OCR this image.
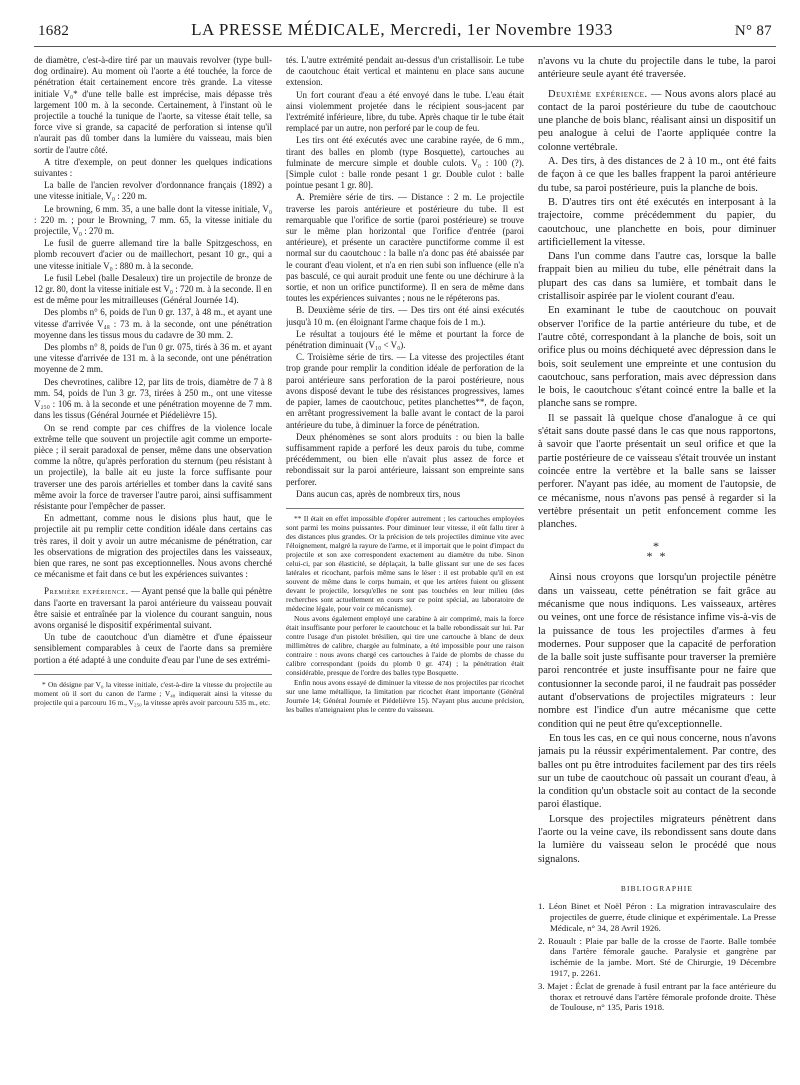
1682	LA PRESSE MÉDICALE, Mercredi, 1er Novembre 1933	N° 87

de diamètre, c'est-à-dire tiré par un mauvais revolver (type bull-dog ordinaire). Au moment où l'aorte a été touchée, la force de pénétration était certainement encore très grande. La vitesse initiale V₀* d'une telle balle est imprécise, mais dépasse très largement 100 m. à la seconde. Certainement, à l'instant où le projectile a touché la tunique de l'aorte, sa vitesse était telle, sa force vive si grande, sa capacité de perforation si intense qu'il n'aurait pas dû tomber dans la lumière du vaisseau, mais bien sortir de l'autre côté.

A titre d'exemple, on peut donner les quelques indications suivantes :

La balle de l'ancien revolver d'ordonnance français (1892) a une vitesse initiale, V₀ : 220 m.

Le browning, 6 mm. 35, a une balle dont la vitesse initiale, V₀ : 220 m. ; pour le Browning, 7 mm. 65, la vitesse initiale du projectile, V₀ : 270 m.

Le fusil de guerre allemand tire la balle Spitzgeschoss, en plomb recouvert d'acier ou de maillechort, pesant 10 gr., qui a une vitesse initiale V₀ : 880 m. à la seconde.

Le fusil Lebel (balle Desaleux) tire un projectile de bronze de 12 gr. 80, dont la vitesse initiale est V₀ : 720 m. à la seconde. Il en est de même pour les mitrailleuses (Général Journée 14).

Des plombs n° 6, poids de l'un 0 gr. 137, à 48 m., et ayant une vitesse d'arrivée V₄₈ : 73 m. à la seconde, ont une pénétration moyenne dans les tissus mous du cadavre de 30 mm. 2.

Des plombs n° 8, poids de l'un 0 gr. 075, tirés à 36 m. et ayant une vitesse d'arrivée de 131 m. à la seconde, ont une pénétration moyenne de 2 mm.

Des chevrotines, calibre 12, par lits de trois, diamètre de 7 à 8 mm. 54, poids de l'un 3 gr. 73, tirées à 250 m., ont une vitesse V₂₅₀ : 106 m. à la seconde et une pénétration moyenne de 7 mm. dans les tissus (Général Journée et Piédelièvre 15).

On se rend compte par ces chiffres de la violence locale extrême telle que souvent un projectile agit comme un emporte-pièce ; il serait paradoxal de penser, même dans une observation comme la nôtre, qu'après perforation du sternum (peu résistant à un projectile), la balle ait eu juste la force suffisante pour traverser une des parois artérielles et tomber dans la cavité sans même avoir la force de traverser l'autre paroi, ainsi suffisamment résistante pour l'empêcher de passer.

En admettant, comme nous le disions plus haut, que le projectile ait pu remplir cette condition idéale dans certains cas très rares, il doit y avoir un autre mécanisme de pénétration, car les observations de migration des projectiles dans les vaisseaux, bien que rares, ne sont pas exceptionnelles. Nous avons cherché ce mécanisme et fait dans ce but les expériences suivantes :

Première expérience. — Ayant pensé que la balle qui pénètre dans l'aorte en traversant la paroi antérieure du vaisseau pouvait être saisie et entraînée par la violence du courant sanguin, nous avons organisé le dispositif expérimental suivant.

Un tube de caoutchouc d'un diamètre et d'une épaisseur sensiblement comparables à ceux de l'aorte dans sa première portion a été adapté à une conduite d'eau par l'une de ses extrémi-

* On désigne par V₀ la vitesse initiale, c'est-à-dire la vitesse du projectile au moment où il sort du canon de l'arme ; V₄₈ indiquerait ainsi la vitesse du projectile qui a parcouru 16 m., V₂₅₀ la vitesse après avoir parcouru 535 m., etc.

tés. L'autre extrémité pendait au-dessus d'un cristallisoir. Le tube de caoutchouc était vertical et maintenu en place sans aucune extension.

Un fort courant d'eau a été envoyé dans le tube. L'eau était ainsi violemment projetée dans le récipient sous-jacent par l'extrémité inférieure, libre, du tube. Après chaque tir le tube était remplacé par un autre, non perforé par le coup de feu.

Les tirs ont été exécutés avec une carabine rayée, de 6 mm., tirant des balles en plomb (type Bosquette), cartouches au fulminate de mercure simple et double culots. V₀ : 100 (?). [Simple culot : balle ronde pesant 1 gr. Double culot : balle pointue pesant 1 gr. 80].

A. Première série de tirs. — Distance : 2 m. Le projectile traverse les parois antérieure et postérieure du tube. Il est remarquable que l'orifice de sortie (paroi postérieure) se trouve sur le même plan horizontal que l'orifice d'entrée (paroi antérieure), et présente un caractère punctiforme comme il est normal sur du caoutchouc : la balle n'a donc pas été abaissée par le courant d'eau violent, et n'a en rien subi son influence (elle n'a pas basculé, ce qui aurait produit une fente ou une déchirure à la sortie, et non un orifice punctiforme). Il en sera de même dans toutes les expériences suivantes ; nous ne le répéterons pas.

B. Deuxième série de tirs. — Des tirs ont été ainsi exécutés jusqu'à 10 m. (en éloignant l'arme chaque fois de 1 m.).

Le résultat a toujours été le même et pourtant la force de pénétration diminuait (V₁₀ < V₀).

C. Troisième série de tirs. — La vitesse des projectiles étant trop grande pour remplir la condition idéale de perforation de la paroi antérieure sans perforation de la paroi postérieure, nous avons disposé devant le tube des résistances progressives, lames de papier, lames de caoutchouc, petites planchettes**, de façon, en arrêtant progressivement la balle avant le contact de la paroi antérieure du tube, à diminuer la force de pénétration.

Deux phénomènes se sont alors produits : ou bien la balle suffisamment rapide a perforé les deux parois du tube, comme précédemment, ou bien elle n'avait plus assez de force et rebondissait sur la paroi antérieure, laissant son empreinte sans perforer.

Dans aucun cas, après de nombreux tirs, nous

** Il était en effet impossible d'opérer autrement ; les cartouches employées sont parmi les moins puissantes. Pour diminuer leur vitesse, il eût fallu tirer à des distances plus grandes. Or la précision de tels projectiles diminue vite avec l'éloignement, malgré la rayure de l'arme, et il importait que le point d'impact du projectile et son axe correspondent exactement au diamètre du tube. Sinon celui-ci, par son élasticité, se déplaçait, la balle glissant sur une de ses faces latérales et ricochant, parfois même sans le léser : il est probable qu'il en est souvent de même dans le corps humain, et que les artères fuient ou glissent devant le projectile, lorsqu'elles ne sont pas touchées en leur milieu (des recherches sont actuellement en cours sur ce point spécial, au laboratoire de médecine légale, pour voir ce mécanisme).

Nous avons également employé une carabine à air comprimé, mais la force était insuffisante pour perforer le caoutchouc et la balle rebondissait sur lui. Par contre l'usage d'un pistolet brésilien, qui tire une cartouche à blanc de deux millimètres de calibre, chargée au fulminate, a été impossible pour une raison contraire : nous avons chargé ces cartouches à l'aide de plombs de chasse du calibre correspondant (poids du plomb 0 gr. 474) ; la pénétration était considérable, presque de l'ordre des balles type Bosquette.

Enfin nous avons essayé de diminuer la vitesse de nos projectiles par ricochet sur une lame métallique, la limitation par ricochet étant importante (Général Journée 14; Général Journée et Piédelièvre 15). N'ayant plus aucune précision, les balles n'atteignaient plus le centre du vaisseau.

n'avons vu la chute du projectile dans le tube, la paroi antérieure seule ayant été traversée.

Deuxième expérience. — Nous avons alors placé au contact de la paroi postérieure du tube de caoutchouc une planche de bois blanc, réalisant ainsi un dispositif un peu analogue à celui de l'aorte appliquée contre la colonne vertébrale.

A. Des tirs, à des distances de 2 à 10 m., ont été faits de façon à ce que les balles frappent la paroi antérieure du tube, sa paroi postérieure, puis la planche de bois.

B. D'autres tirs ont été exécutés en interposant à la trajectoire, comme précédemment du papier, du caoutchouc, une planchette en bois, pour diminuer artificiellement la vitesse.

Dans l'un comme dans l'autre cas, lorsque la balle frappait bien au milieu du tube, elle pénétrait dans la plupart des cas dans sa lumière, et tombait dans le cristallisoir aspirée par le violent courant d'eau.

En examinant le tube de caoutchouc on pouvait observer l'orifice de la partie antérieure du tube, et de l'autre côté, correspondant à la planche de bois, soit un orifice plus ou moins déchiqueté avec dépression dans le bois, soit seulement une empreinte et une contusion du caoutchouc, sans perforation, mais avec dépression dans le bois, le caoutchouc s'étant coincé entre la balle et la planche sans se rompre.

Il se passait là quelque chose d'analogue à ce qui s'était sans doute passé dans le cas que nous rapportons, à savoir que l'aorte présentait un seul orifice et que la partie postérieure de ce vaisseau s'était trouvée un instant coincée entre la vertèbre et la balle sans se laisser perforer. N'ayant pas idée, au moment de l'autopsie, de ce mécanisme, nous n'avons pas pensé à regarder si la vertèbre présentait un petit enfoncement comme les planches.

*
* *

Ainsi nous croyons que lorsqu'un projectile pénètre dans un vaisseau, cette pénétration se fait grâce au mécanisme que nous indiquons. Les vaisseaux, artères ou veines, ont une force de résistance infime vis-à-vis de la puissance de tous les projectiles d'armes à feu modernes. Pour supposer que la capacité de perforation de la balle soit juste suffisante pour traverser la première paroi rencontrée et juste insuffisante pour ne faire que contusionner la seconde paroi, il ne faudrait pas posséder autant d'observations de projectiles migrateurs : leur nombre est l'indice d'un autre mécanisme que cette condition qui ne peut être qu'exceptionnelle.

En tous les cas, en ce qui nous concerne, nous n'avons jamais pu la réussir expérimentalement. Par contre, des balles ont pu être introduites facilement par des tirs réels sur un tube de caoutchouc où passait un courant d'eau, à la condition qu'un obstacle soit au contact de la seconde paroi élastique.

Lorsque des projectiles migrateurs pénètrent dans l'aorte ou la veine cave, ils rebondissent sans doute dans la lumière du vaisseau selon le procédé que nous signalons.

BIBLIOGRAPHIE

1. Léon Binet et Noël Péron : La migration intravasculaire des projectiles de guerre, étude clinique et expérimentale. La Presse Médicale, n° 34, 28 Avril 1926.

2. Rouault : Plaie par balle de la crosse de l'aorte. Balle tombée dans l'artère fémorale gauche. Paralysie et gangrène par ischémie de la jambe. Mort. Sté de Chirurgie, 19 Décembre 1917, p. 2261.

3. Majet : Éclat de grenade à fusil entrant par la face antérieure du thorax et retrouvé dans l'artère fémorale profonde droite. Thèse de Toulouse, n° 135, Paris 1918.
